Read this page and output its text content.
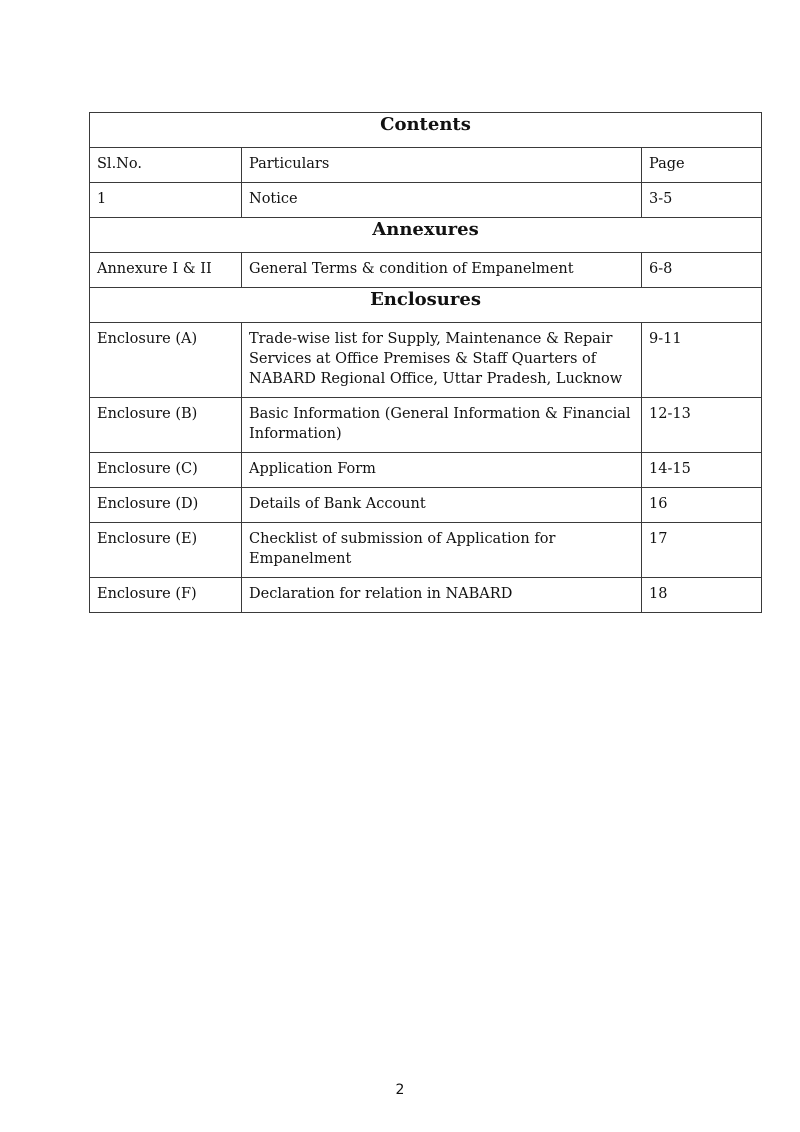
Contents		
Sl.No.	Particulars	Page
1	Notice	3-5
Annexures		
Annexure I & II	General Terms & condition of Empanelment	6-8
Enclosures		
Enclosure (A)	Trade-wise list for Supply, Maintenance & Repair Services at Office Premises & Staff Quarters of NABARD Regional Office, Uttar Pradesh, Lucknow	9-11
Enclosure (B)	Basic Information (General Information & Financial Information)	12-13
Enclosure (C)	Application Form	14-15
Enclosure (D)	Details of Bank Account	16
Enclosure (E)	Checklist of submission of Application for Empanelment	17
Enclosure (F)	Declaration for relation in NABARD	18
2
